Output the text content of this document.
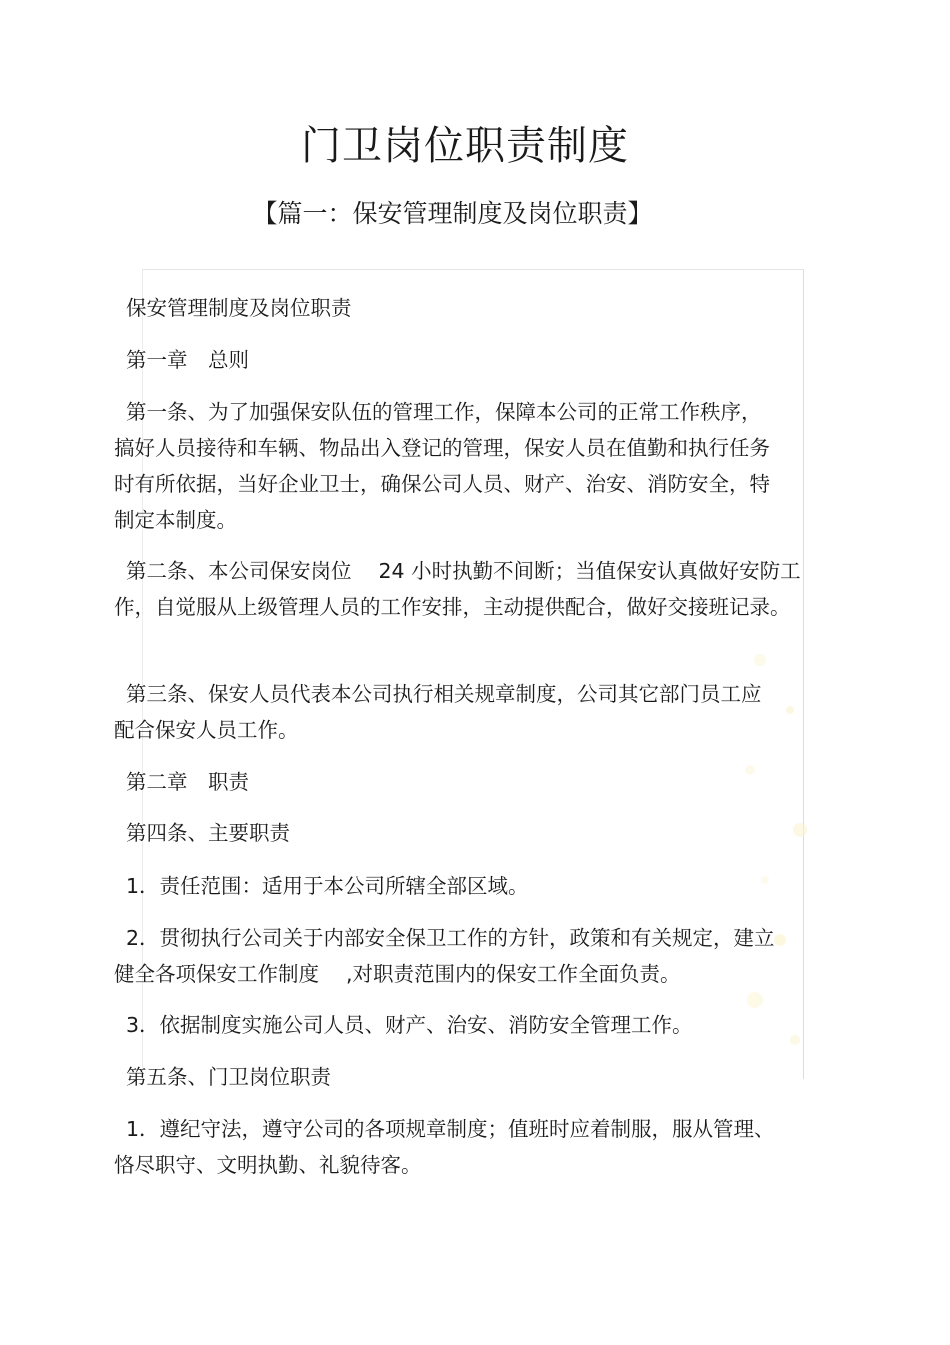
门卫岗位职责制度
【篇一：保安管理制度及岗位职责】

保安管理制度及岗位职责

第一章　总则

第一条、为了加强保安队伍的管理工作，保障本公司的正常工作秩序，搞好人员接待和车辆、物品出入登记的管理，保安人员在值勤和执行任务时有所依据，当好企业卫士，确保公司人员、财产、治安、消防安全，特制定本制度。

第二条、本公司保安岗位　 24 小时执勤不间断；当值保安认真做好安防工作，自觉服从上级管理人员的工作安排，主动提供配合，做好交接班记录。

第三条、保安人员代表本公司执行相关规章制度，公司其它部门员工应配合保安人员工作。

第二章　职责

第四条、主要职责

1．责任范围：适用于本公司所辖全部区域。

2．贯彻执行公司关于内部安全保卫工作的方针，政策和有关规定，建立健全各项保安工作制度　 ,对职责范围内的保安工作全面负责。

3．依据制度实施公司人员、财产、治安、消防安全管理工作。

第五条、门卫岗位职责

1．遵纪守法，遵守公司的各项规章制度；值班时应着制服，服从管理、恪尽职守、文明执勤、礼貌待客。
